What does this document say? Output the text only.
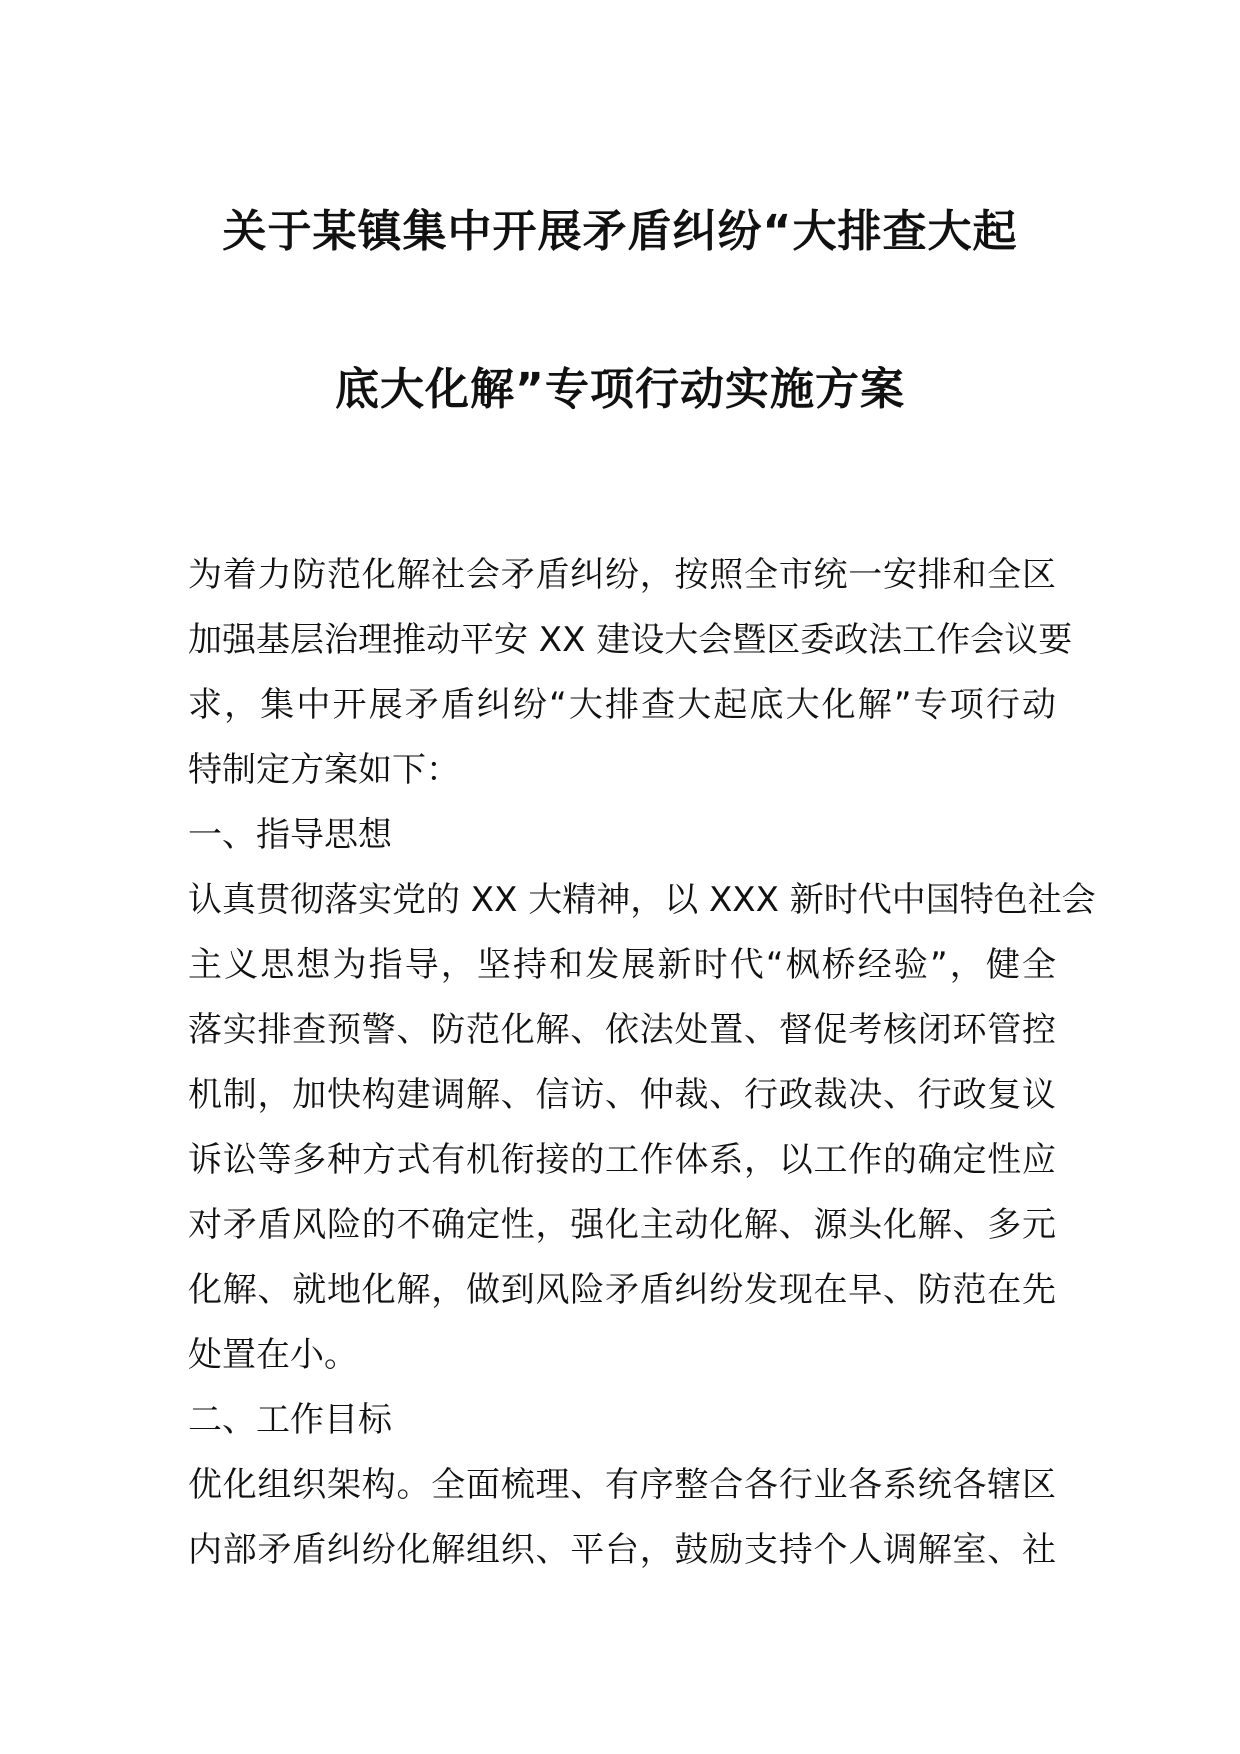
关于某镇集中开展矛盾纠纷“大排查大起
底大化解”专项行动实施方案
为着力防范化解社会矛盾纠纷，按照全市统一安排和全区
加强基层治理推动平安 XX 建设大会暨区委政法工作会议要
求，集中开展矛盾纠纷“大排查大起底大化解”专项行动
特制定方案如下：
一、指导思想
认真贯彻落实党的 XX 大精神，以 XXX 新时代中国特色社会
主义思想为指导，坚持和发展新时代“枫桥经验”，健全
落实排查预警、防范化解、依法处置、督促考核闭环管控
机制，加快构建调解、信访、仲裁、行政裁决、行政复议
诉讼等多种方式有机衔接的工作体系，以工作的确定性应
对矛盾风险的不确定性，强化主动化解、源头化解、多元
化解、就地化解，做到风险矛盾纠纷发现在早、防范在先
处置在小。
二、工作目标
优化组织架构。全面梳理、有序整合各行业各系统各辖区
内部矛盾纠纷化解组织、平台，鼓励支持个人调解室、社
